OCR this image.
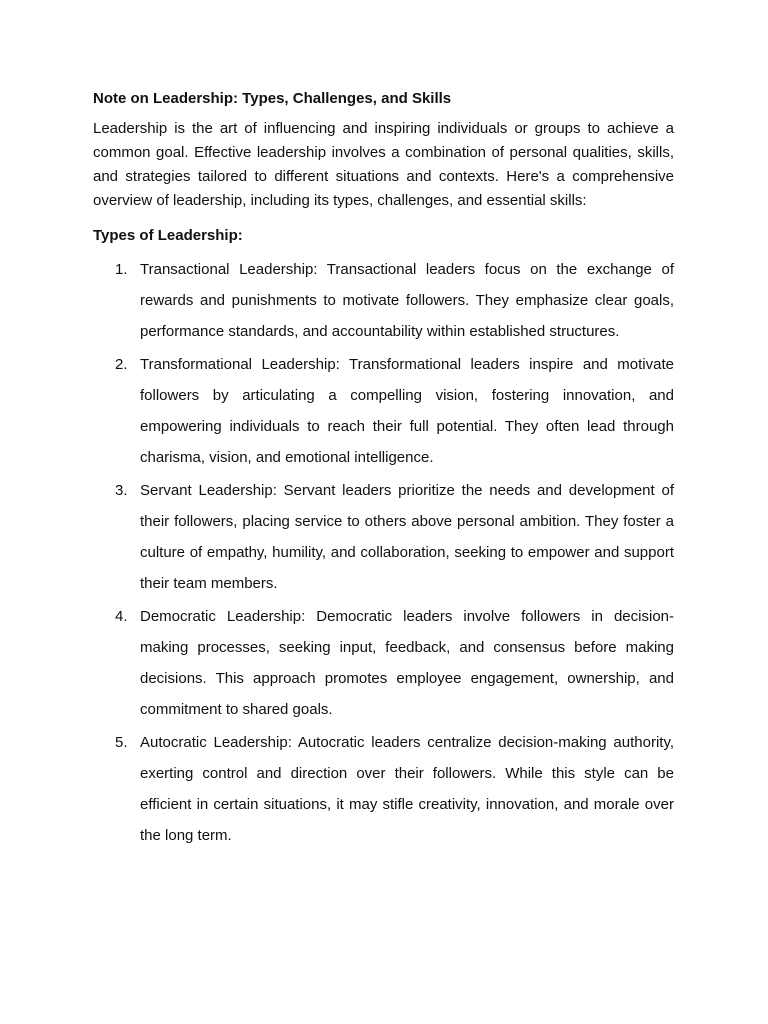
Note on Leadership: Types, Challenges, and Skills

Leadership is the art of influencing and inspiring individuals or groups to achieve a common goal. Effective leadership involves a combination of personal qualities, skills, and strategies tailored to different situations and contexts. Here's a comprehensive overview of leadership, including its types, challenges, and essential skills:

Types of Leadership:
1. Transactional Leadership: Transactional leaders focus on the exchange of rewards and punishments to motivate followers. They emphasize clear goals, performance standards, and accountability within established structures.
2. Transformational Leadership: Transformational leaders inspire and motivate followers by articulating a compelling vision, fostering innovation, and empowering individuals to reach their full potential. They often lead through charisma, vision, and emotional intelligence.
3. Servant Leadership: Servant leaders prioritize the needs and development of their followers, placing service to others above personal ambition. They foster a culture of empathy, humility, and collaboration, seeking to empower and support their team members.
4. Democratic Leadership: Democratic leaders involve followers in decision-making processes, seeking input, feedback, and consensus before making decisions. This approach promotes employee engagement, ownership, and commitment to shared goals.
5. Autocratic Leadership: Autocratic leaders centralize decision-making authority, exerting control and direction over their followers. While this style can be efficient in certain situations, it may stifle creativity, innovation, and morale over the long term.
